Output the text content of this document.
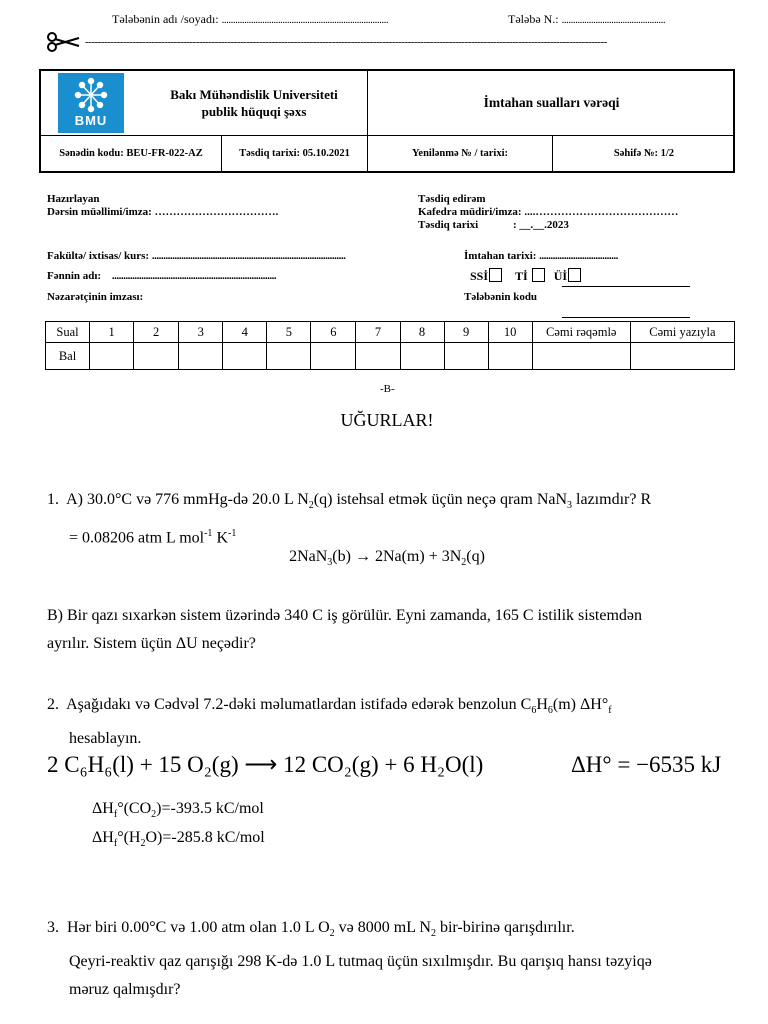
Tələbənin adı /soyadı: ..........................................................................	Tələbə N.: ..............................................
---------------------------------------------------------------------------------------------------------------------------------------------------------------------
BMU
Bakı Mühəndislik Universiteti
publik hüquqi şəxs
İmtahan sualları vərəqi
Sənədin kodu: BEU-FR-022-AZ	Təsdiq tarixi: 05.10.2021	Yenilənmə № / tarixi:	Səhifə №: 1/2
Hazırlayan
Dərsin müəllimi/imza: …………………………….
Təsdiq edirəm
Kafedra müdiri/imza: ....…………………………………
Təsdiq tarixi	: __.__.2023
Fakültə/ ixtisas/ kurs: ......................................................................................	İmtahan tarixi: ...................................
Fənnin adı: .........................................................................	SSİ Tİ Üİ
Nəzarətçinin imzası:	Tələbənin kodu
Sual	1	2	3	4	5	6	7	8	9	10	Cəmi rəqəmlə	Cəmi yazıyla
Bal												
-B-
UĞURLAR!
1. A) 30.0°C və 776 mmHg-də 20.0 L $N_2(q)$ istehsal etmək üçün neçə qram NaN$_3$ lazımdır? R
= 0.08206 atm L mol$^{-1}$ $K^{-1}$
$2NaN_3(b) \to 2Na(m) + 3N_2(q)$
B) Bir qazı sıxarkən sistem üzərində 340 C iş görülür. Eyni zamanda, 165 C istilik sistemdən
ayrılır. Sistem üçün ΔU neçədir?
2. Aşağıdakı və Cədvəl 7.2-dəki məlumatlardan istifadə edərək benzolun $C_6H_6(m)$ $\Delta H^\circ_f$
hesablayın.
2 C₆H₆(l) + 15 O₂(g) ⟶ 12 CO₂(g) + 6 H₂O(l)	ΔH° = −6535 kJ
$\Delta H_f^\circ(CO_2)=-393.5$ kC/mol
$\Delta H_f^\circ(H_2O)=-285.8$ kC/mol
3. Hər biri 0.00°C və 1.00 atm olan 1.0 L $O_2$ və 8000 mL $N_2$ bir-birinə qarışdırılır.
Qeyri-reaktiv qaz qarışığı 298 K-də 1.0 L tutmaq üçün sıxılmışdır. Bu qarışıq hansı təzyiqə
məruz qalmışdır?
